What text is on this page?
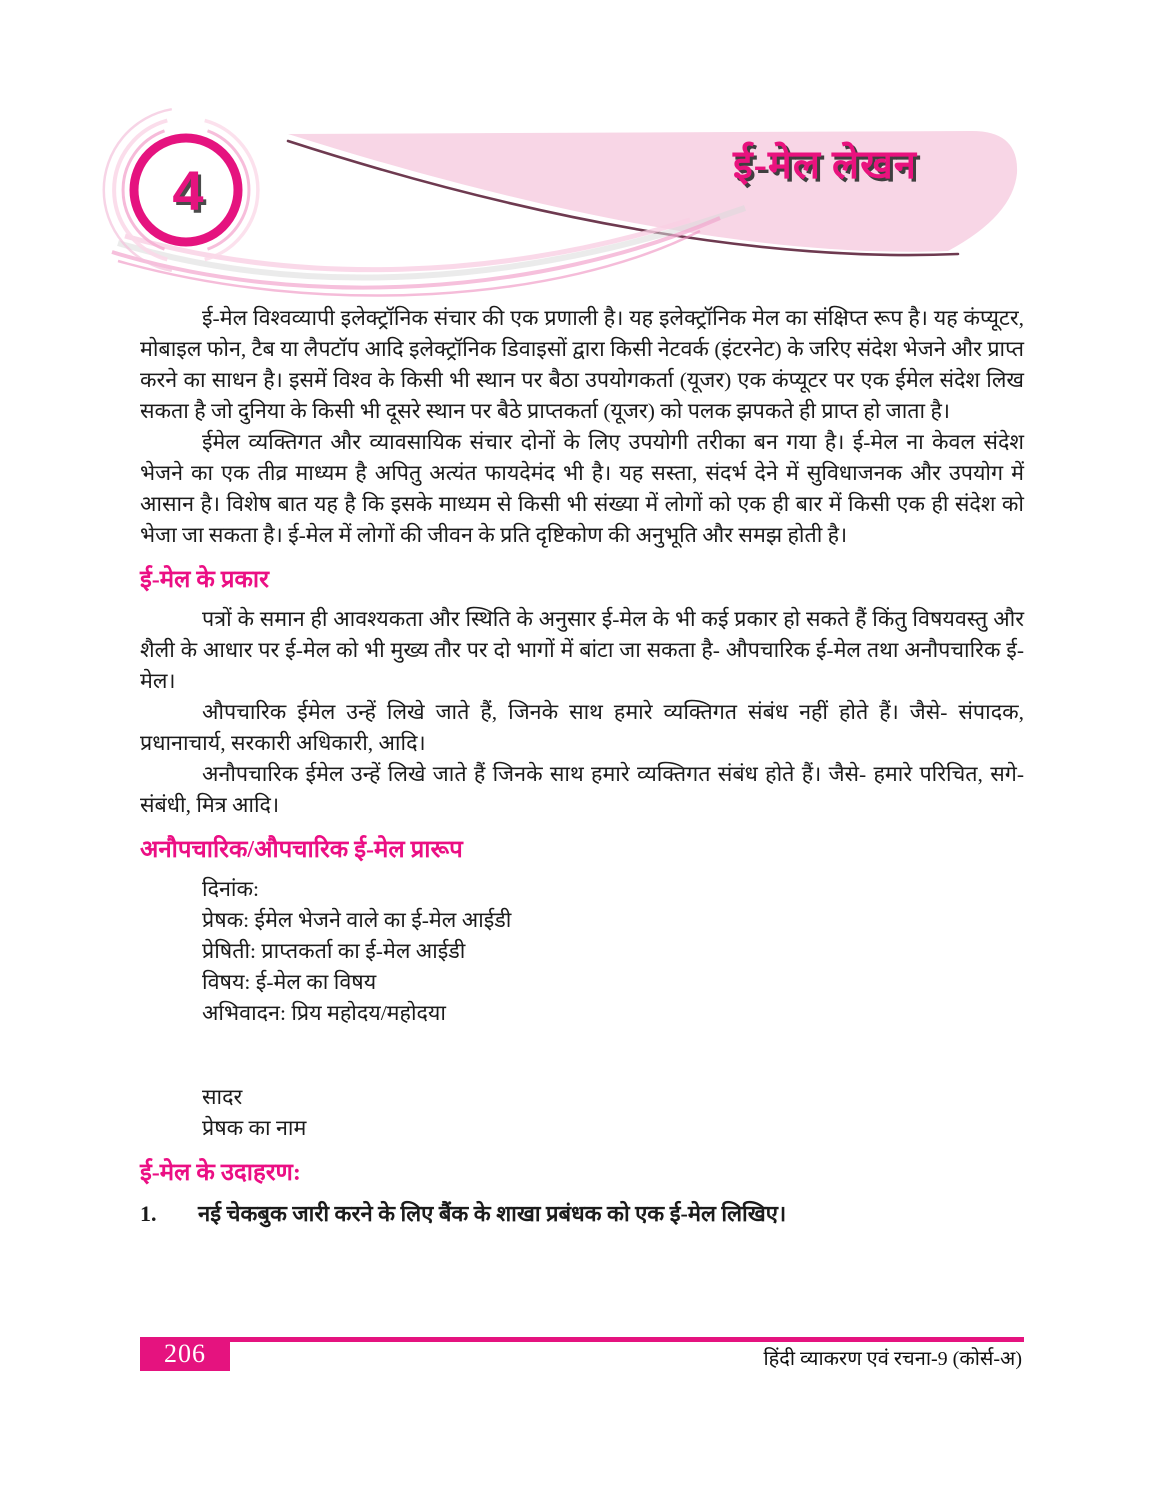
4	ई-मेल लेखन

ई-मेल विश्वव्यापी इलेक्ट्रॉनिक संचार की एक प्रणाली है। यह इलेक्ट्रॉनिक मेल का संक्षिप्त रूप है। यह कंप्यूटर, मोबाइल फोन, टैब या लैपटॉप आदि इलेक्ट्रॉनिक डिवाइसों द्वारा किसी नेटवर्क (इंटरनेट) के जरिए संदेश भेजने और प्राप्त करने का साधन है। इसमें विश्व के किसी भी स्थान पर बैठा उपयोगकर्ता (यूजर) एक कंप्यूटर पर एक ईमेल संदेश लिख सकता है जो दुनिया के किसी भी दूसरे स्थान पर बैठे प्राप्तकर्ता (यूजर) को पलक झपकते ही प्राप्त हो जाता है।

ईमेल व्यक्तिगत और व्यावसायिक संचार दोनों के लिए उपयोगी तरीका बन गया है। ई-मेल ना केवल संदेश भेजने का एक तीव्र माध्यम है अपितु अत्यंत फायदेमंद भी है। यह सस्ता, संदर्भ देने में सुविधाजनक और उपयोग में आसान है। विशेष बात यह है कि इसके माध्यम से किसी भी संख्या में लोगों को एक ही बार में किसी एक ही संदेश को भेजा जा सकता है। ई-मेल में लोगों की जीवन के प्रति दृष्टिकोण की अनुभूति और समझ होती है।

ई-मेल के प्रकार

पत्रों के समान ही आवश्यकता और स्थिति के अनुसार ई-मेल के भी कई प्रकार हो सकते हैं किंतु विषयवस्तु और शैली के आधार पर ई-मेल को भी मुख्य तौर पर दो भागों में बांटा जा सकता है- औपचारिक ई-मेल तथा अनौपचारिक ई-मेल।

औपचारिक ईमेल उन्हें लिखे जाते हैं, जिनके साथ हमारे व्यक्तिगत संबंध नहीं होते हैं। जैसे- संपादक, प्रधानाचार्य, सरकारी अधिकारी, आदि।

अनौपचारिक ईमेल उन्हें लिखे जाते हैं जिनके साथ हमारे व्यक्तिगत संबंध होते हैं। जैसे- हमारे परिचित, सगे-संबंधी, मित्र आदि।

अनौपचारिक/औपचारिक ई-मेल प्रारूप
दिनांक:
प्रेषक: ईमेल भेजने वाले का ई-मेल आईडी
प्रेषिती: प्राप्तकर्ता का ई-मेल आईडी
विषय: ई-मेल का विषय
अभिवादन: प्रिय महोदय/महोदया
सादर
प्रेषक का नाम
ई-मेल के उदाहरण:
1.	नई चेकबुक जारी करने के लिए बैंक के शाखा प्रबंधक को एक ई-मेल लिखिए।
206	हिंदी व्याकरण एवं रचना-9 (कोर्स-अ)
